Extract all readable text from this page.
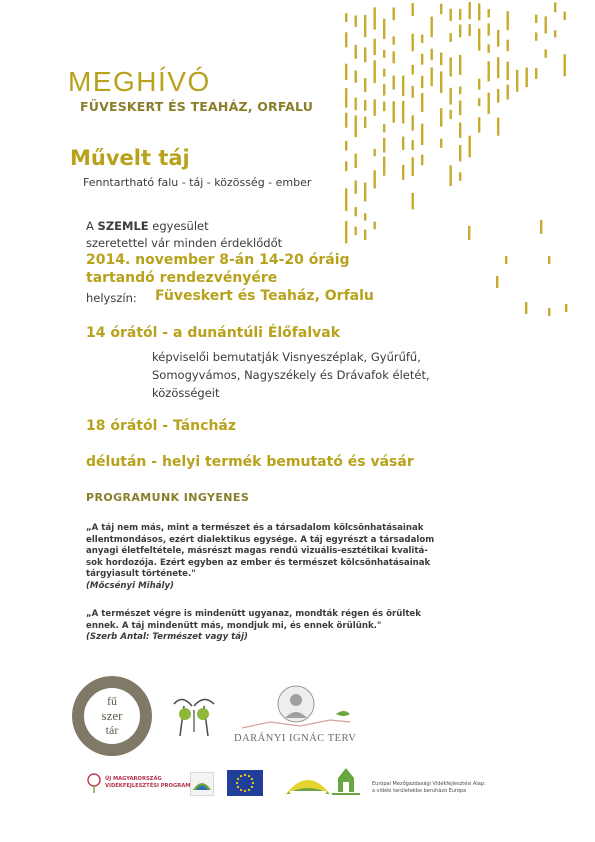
MEGHÍVÓ
FÜVESKERT ÉS TEAHÁZ, ORFALU
Művelt táj
Fenntartható falu - táj - közösség - ember
A SZEMLE egyesület
szeretettel vár minden érdeklődőt
2014. november 8-án 14-20 óráig
tartandó rendezvényére
helyszín: Füveskert és Teaház, Orfalu
14 órától - a dunántúli Élőfalvak
képviselői bemutatják Visnyeszéplak, Gyűrűfű,
Somogyvámos, Nagyszékely és Drávafok életét,
közösségeit
18 órától - Táncház
délután - helyi termék bemutató és vásár
PROGRAMUNK INGYENES
„A táj nem más, mint a természet és a társadalom kölcsönhatásainak
ellentmondásos, ezért dialektikus egysége. A táj egyrészt a társadalom
anyagi életfeltétele, másrészt magas rendű vizuális-esztétikai kvalitá-
sok hordozója. Ezért egyben az ember és természet kölcsönhatásainak
tárgyiasult története."
(Mőcsényi Mihály)
„A természet végre is mindenütt ugyanaz, mondták régen és örültek
ennek. A táj mindenütt más, mondjuk mi, és ennek örülünk."
(Szerb Antal: Természet vagy táj)
fű
szer
tár
DARÁNYI IGNÁC TERV
ÚJ MAGYARORSZÁG
VIDÉKFEJLESZTÉSI PROGRAM	Európai Mezőgazdasági Vidékfejlesztési Alap:
a vidéki területekbe beruházó Európa
